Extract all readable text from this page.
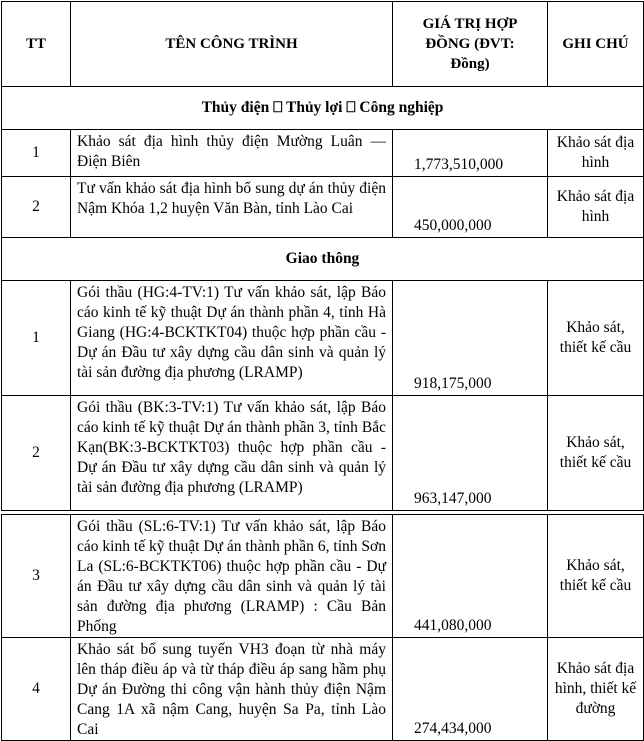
TT	TÊN CÔNG TRÌNH	GIÁ TRỊ HỢP ĐỒNG (ĐVT: Đồng)	GHI CHÚ
Thủy điện ⎕ Thủy lợi ⎕ Công nghiệp			
1	Khảo sát địa hình thủy điện Mường Luân — Điện Biên	1,773,510,000	Khảo sát địa hình
2	Tư vấn khảo sát địa hình bổ sung dự án thủy điện Nậm Khóa 1,2 huyện Văn Bàn, tỉnh Lào Cai	450,000,000	Khảo sát địa hình
Giao thông			
1	Gói thầu (HG:4-TV:1) Tư vấn khảo sát, lập Báo cáo kinh tế kỹ thuật Dự án thành phần 4, tỉnh Hà Giang (HG:4-BCKTKT04) thuộc hợp phần cầu - Dự án Đầu tư xây dựng cầu dân sinh và quản lý tài sản đường địa phương (LRAMP)	918,175,000	Khảo sát, thiết kế cầu
2	Gói thầu (BK:3-TV:1) Tư vấn khảo sát, lập Báo cáo kinh tế kỹ thuật Dự án thành phần 3, tỉnh Bắc Kạn(BK:3-BCKTKT03) thuộc hợp phần cầu - Dự án Đầu tư xây dựng cầu dân sinh và quản lý tài sản đường địa phương (LRAMP)	963,147,000	Khảo sát, thiết kế cầu

3	Gói thầu (SL:6-TV:1) Tư vấn khảo sát, lập Báo cáo kinh tế kỹ thuật Dự án thành phần 6, tỉnh Sơn La (SL:6-BCKTKT06) thuộc hợp phần cầu - Dự án Đầu tư xây dựng cầu dân sinh và quản lý tài sản đường địa phương (LRAMP) : Cầu Bản Phống	441,080,000	Khảo sát, thiết kế cầu
4	Khảo sát bổ sung tuyến VH3 đoạn từ nhà máy lên tháp điều áp và từ tháp điều áp sang hầm phụ Dự án Đường thi công vận hành thủy điện Nậm Cang 1A xã nậm Cang, huyện Sa Pa, tỉnh Lào Cai	274,434,000	Khảo sát địa hình, thiết kế đường
